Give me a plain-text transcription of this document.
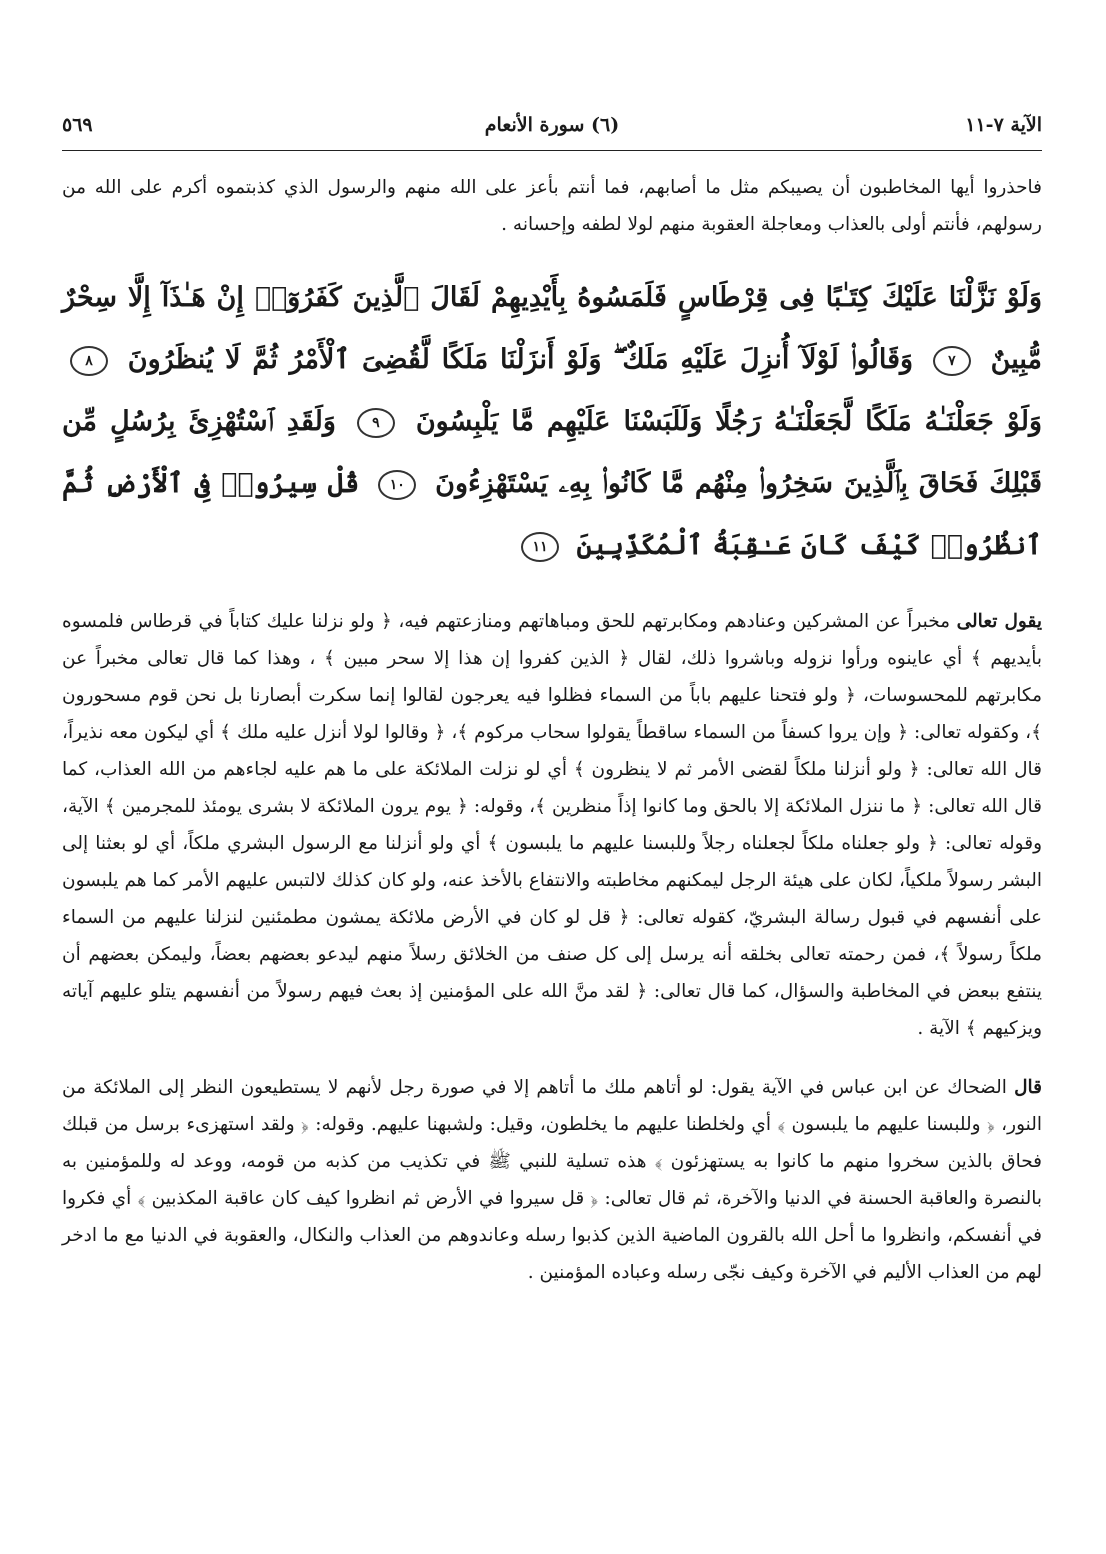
الآية ٧-١١
(٦) سورة الأنعام
٥٦٩

فاحذروا أيها المخاطبون أن يصيبكم مثل ما أصابهم، فما أنتم بأعز على الله منهم والرسول الذي كذبتموه أكرم على الله من رسولهم، فأنتم أولى بالعذاب ومعاجلة العقوبة منهم لولا لطفه وإحسانه .

وَلَوْ نَزَّلْنَا عَلَيْكَ كِتَـٰبًا فِى قِرْطَاسٍ فَلَمَسُوهُ بِأَيْدِيهِمْ لَقَالَ ٱلَّذِينَ كَفَرُوٓا۟ إِنْ هَـٰذَآ إِلَّا سِحْرٌ مُّبِينٌ ٧ وَقَالُوا۟ لَوْلَآ أُنزِلَ عَلَيْهِ مَلَكٌ ۖ وَلَوْ أَنزَلْنَا مَلَكًا لَّقُضِىَ ٱلْأَمْرُ ثُمَّ لَا يُنظَرُونَ ٨ وَلَوْ جَعَلْنَـٰهُ مَلَكًا لَّجَعَلْنَـٰهُ رَجُلًا وَلَلَبَسْنَا عَلَيْهِم مَّا يَلْبِسُونَ ٩ وَلَقَدِ ٱسْتُهْزِئَ بِرُسُلٍ مِّن قَبْلِكَ فَحَاقَ بِٱلَّذِينَ سَخِرُوا۟ مِنْهُم مَّا كَانُوا۟ بِهِۦ يَسْتَهْزِءُونَ ١٠ قُلْ سِيرُوا۟ فِى ٱلْأَرْضِ ثُمَّ ٱنظُرُوا۟ كَيْفَ كَانَ عَـٰقِبَةُ ٱلْمُكَذِّبِينَ ١١

يقول تعالى مخبراً عن المشركين وعنادهم ومكابرتهم للحق ومباهاتهم ومنازعتهم فيه، ﴿ ولو نزلنا عليك كتاباً في قرطاس فلمسوه بأيديهم ﴾ أي عاينوه ورأوا نزوله وباشروا ذلك، لقال ﴿ الذين كفروا إن هذا إلا سحر مبين ﴾ ، وهذا كما قال تعالى مخبراً عن مكابرتهم للمحسوسات، ﴿ ولو فتحنا عليهم باباً من السماء فظلوا فيه يعرجون لقالوا إنما سكرت أبصارنا بل نحن قوم مسحورون ﴾، وكقوله تعالى: ﴿ وإن يروا كسفاً من السماء ساقطاً يقولوا سحاب مركوم ﴾، ﴿ وقالوا لولا أنزل عليه ملك ﴾ أي ليكون معه نذيراً، قال الله تعالى: ﴿ ولو أنزلنا ملكاً لقضى الأمر ثم لا ينظرون ﴾ أي لو نزلت الملائكة على ما هم عليه لجاءهم من الله العذاب، كما قال الله تعالى: ﴿ ما ننزل الملائكة إلا بالحق وما كانوا إذاً منظرين ﴾، وقوله: ﴿ يوم يرون الملائكة لا بشرى يومئذ للمجرمين ﴾ الآية، وقوله تعالى: ﴿ ولو جعلناه ملكاً لجعلناه رجلاً وللبسنا عليهم ما يلبسون ﴾ أي ولو أنزلنا مع الرسول البشري ملكاً، أي لو بعثنا إلى البشر رسولاً ملكياً، لكان على هيئة الرجل ليمكنهم مخاطبته والانتفاع بالأخذ عنه، ولو كان كذلك لالتبس عليهم الأمر كما هم يلبسون على أنفسهم في قبول رسالة البشريّ، كقوله تعالى: ﴿ قل لو كان في الأرض ملائكة يمشون مطمئنين لنزلنا عليهم من السماء ملكاً رسولاً ﴾، فمن رحمته تعالى بخلقه أنه يرسل إلى كل صنف من الخلائق رسلاً منهم ليدعو بعضهم بعضاً، وليمكن بعضهم أن ينتفع ببعض في المخاطبة والسؤال، كما قال تعالى: ﴿ لقد منَّ الله على المؤمنين إذ بعث فيهم رسولاً من أنفسهم يتلو عليهم آياته ويزكيهم ﴾ الآية .

قال الضحاك عن ابن عباس في الآية يقول: لو أتاهم ملك ما أتاهم إلا في صورة رجل لأنهم لا يستطيعون النظر إلى الملائكة من النور، ﴿ وللبسنا عليهم ما يلبسون ﴾ أي ولخلطنا عليهم ما يخلطون، وقيل: ولشبهنا عليهم. وقوله: ﴿ ولقد استهزىء برسل من قبلك فحاق بالذين سخروا منهم ما كانوا به يستهزئون ﴾ هذه تسلية للنبي ﷺ في تكذيب من كذبه من قومه، ووعد له وللمؤمنين به بالنصرة والعاقبة الحسنة في الدنيا والآخرة، ثم قال تعالى: ﴿ قل سيروا في الأرض ثم انظروا كيف كان عاقبة المكذبين ﴾ أي فكروا في أنفسكم، وانظروا ما أحل الله بالقرون الماضية الذين كذبوا رسله وعاندوهم من العذاب والنكال، والعقوبة في الدنيا مع ما ادخر لهم من العذاب الأليم في الآخرة وكيف نجّى رسله وعباده المؤمنين .
